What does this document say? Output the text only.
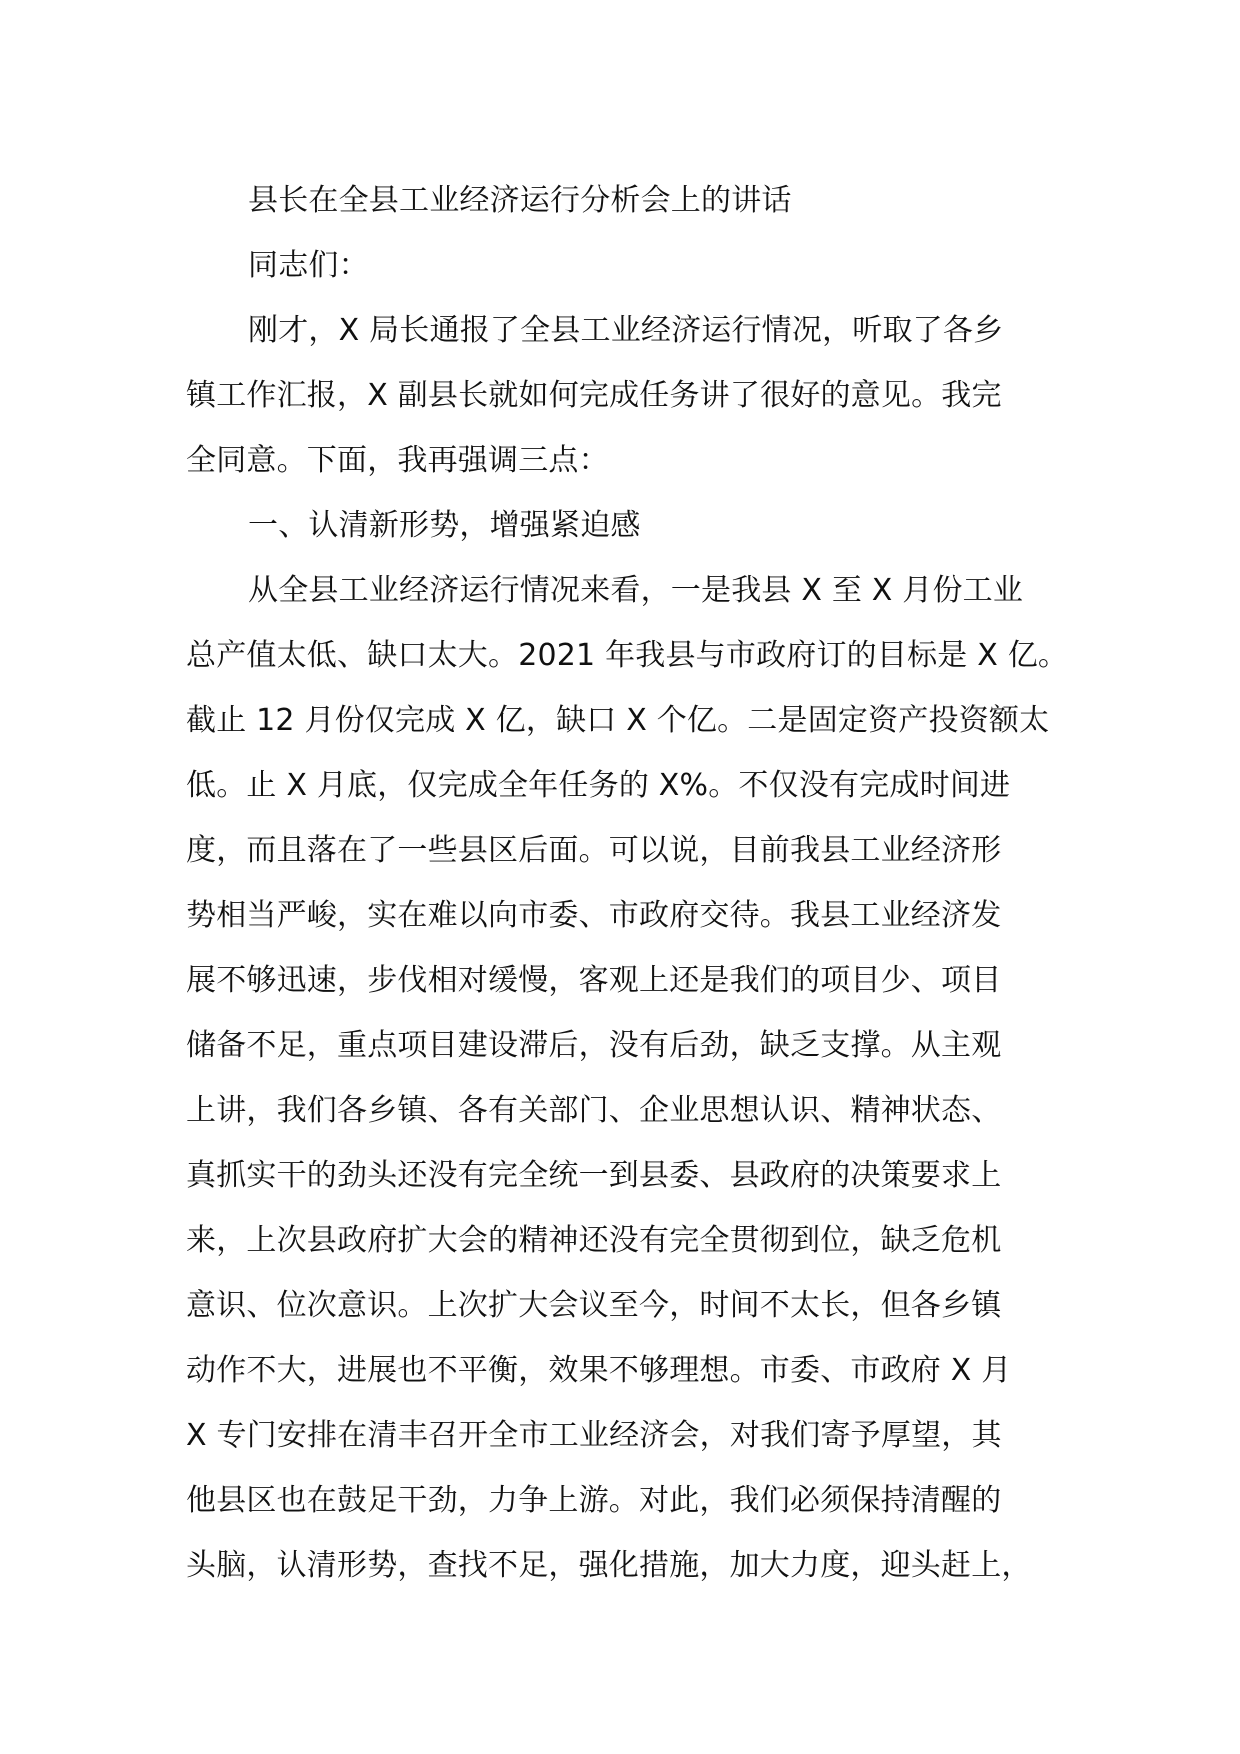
县长在全县工业经济运行分析会上的讲话
同志们：
刚才，X 局长通报了全县工业经济运行情况，听取了各乡
镇工作汇报，X 副县长就如何完成任务讲了很好的意见。我完
全同意。下面，我再强调三点：
一、认清新形势，增强紧迫感
从全县工业经济运行情况来看，一是我县 X 至 X 月份工业
总产值太低、缺口太大。2021 年我县与市政府订的目标是 X 亿。
截止 12 月份仅完成 X 亿，缺口 X 个亿。二是固定资产投资额太
低。止 X 月底，仅完成全年任务的 X%。不仅没有完成时间进
度，而且落在了一些县区后面。可以说，目前我县工业经济形
势相当严峻，实在难以向市委、市政府交待。我县工业经济发
展不够迅速，步伐相对缓慢，客观上还是我们的项目少、项目
储备不足，重点项目建设滞后，没有后劲，缺乏支撑。从主观
上讲，我们各乡镇、各有关部门、企业思想认识、精神状态、
真抓实干的劲头还没有完全统一到县委、县政府的决策要求上
来，上次县政府扩大会的精神还没有完全贯彻到位，缺乏危机
意识、位次意识。上次扩大会议至今，时间不太长，但各乡镇
动作不大，进展也不平衡，效果不够理想。市委、市政府 X 月
X 专门安排在清丰召开全市工业经济会，对我们寄予厚望，其
他县区也在鼓足干劲，力争上游。对此，我们必须保持清醒的
头脑，认清形势，查找不足，强化措施，加大力度，迎头赶上，
